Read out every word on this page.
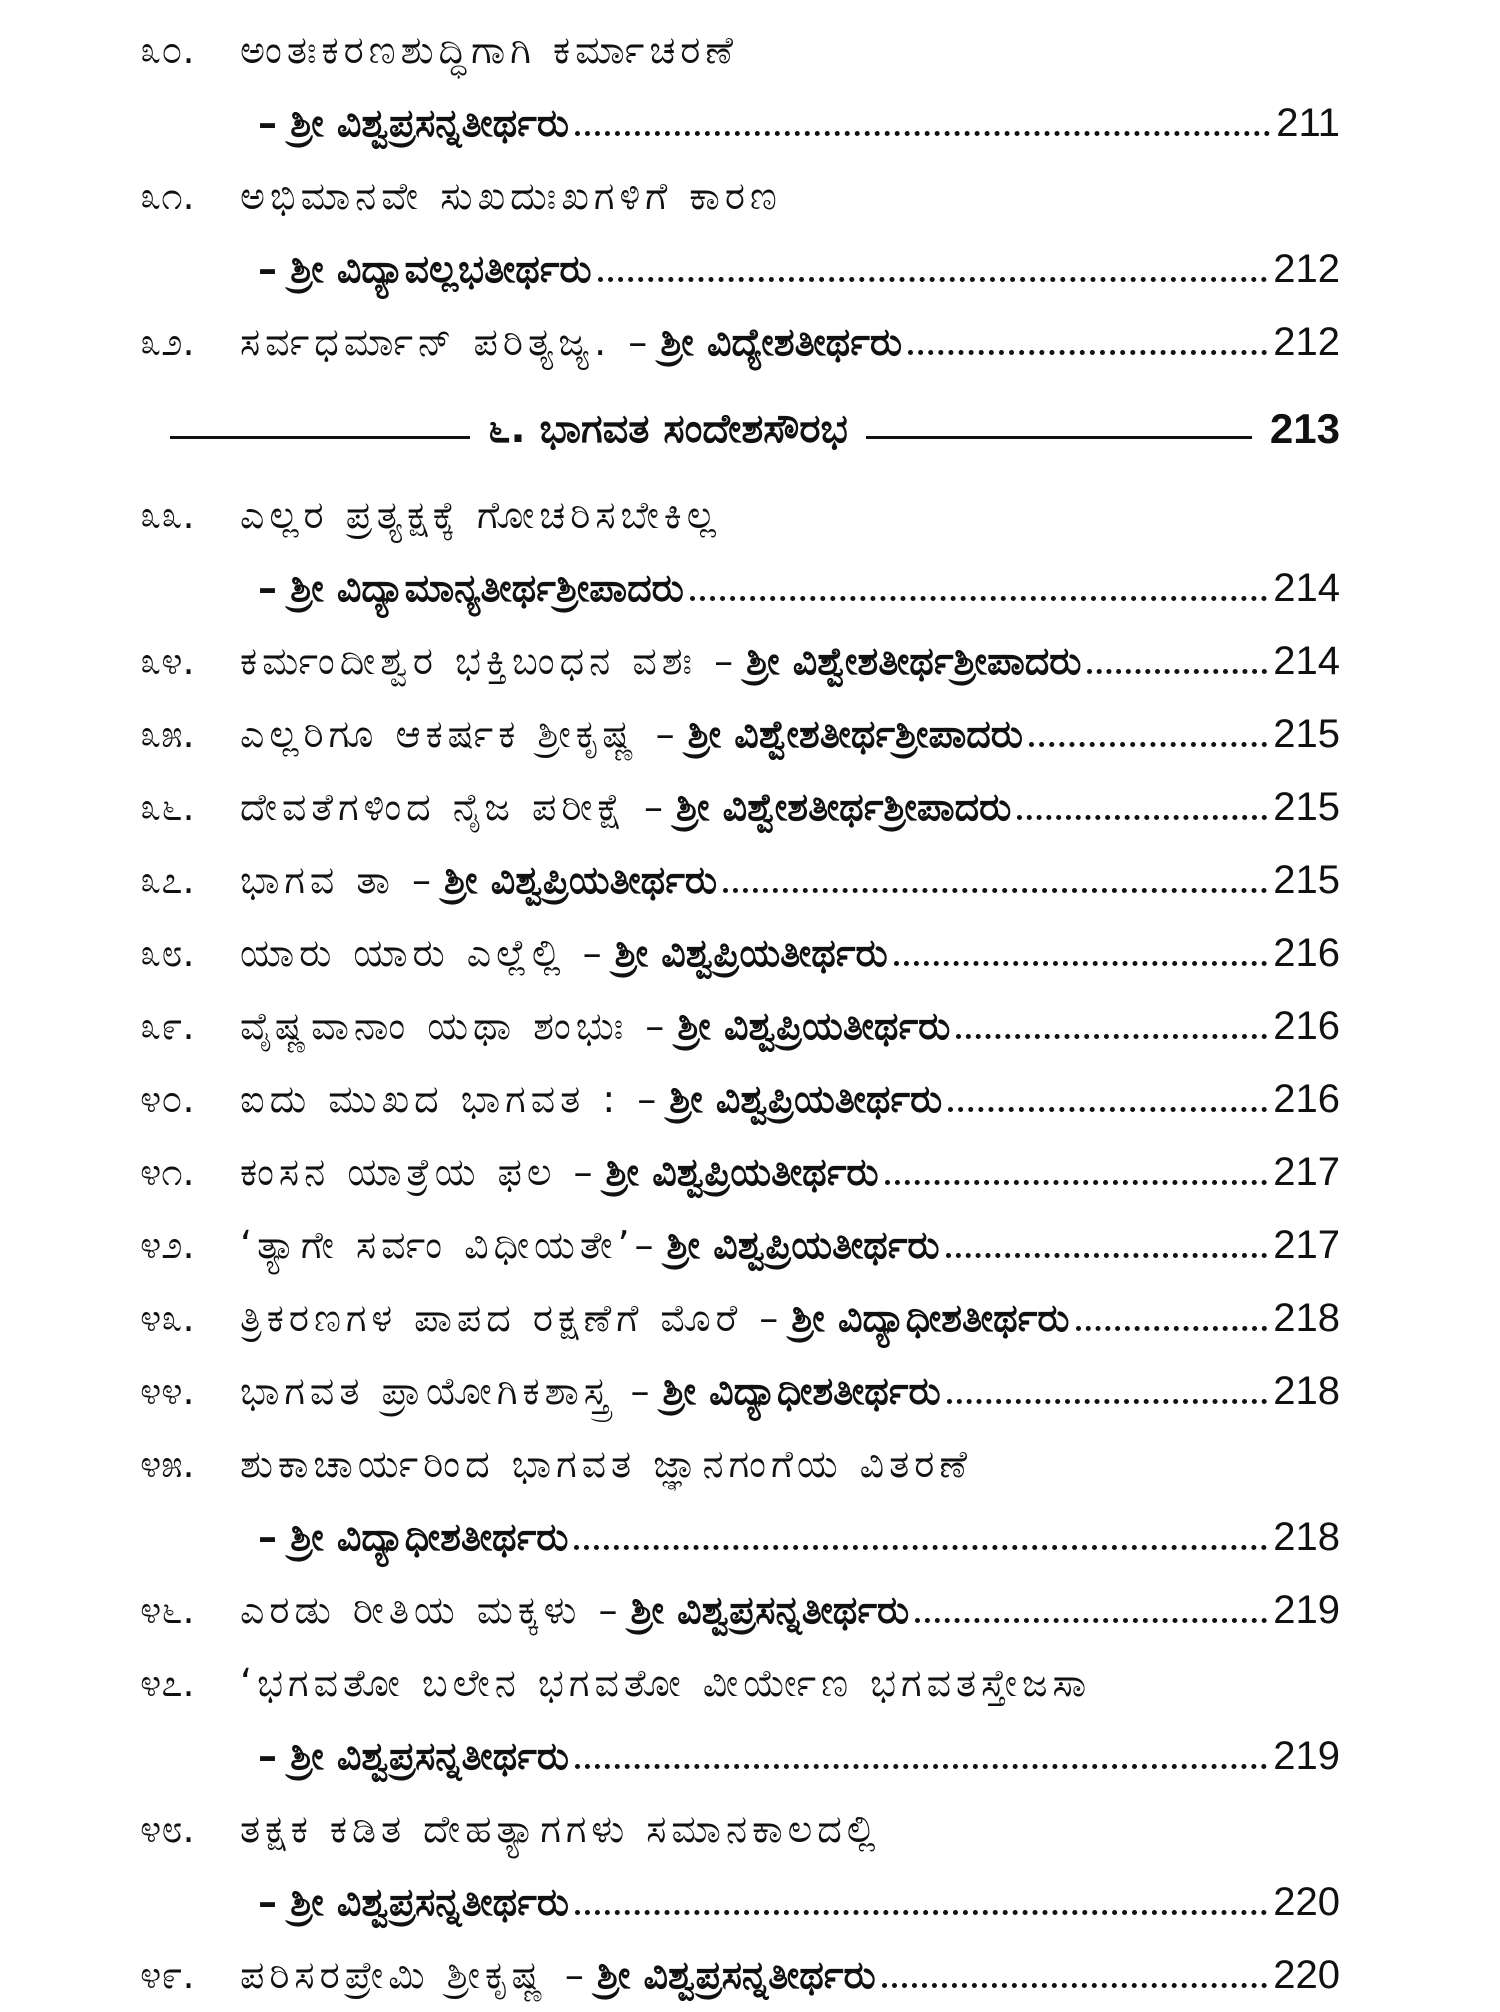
೩೦.	ಅಂತಃಕರಣಶುದ್ಧಿಗಾಗಿ ಕರ್ಮಾಚರಣೆ
– ಶ್ರೀ ವಿಶ್ವಪ್ರಸನ್ನತೀರ್ಥರು	211
೩೧.	ಅಭಿಮಾನವೇ ಸುಖದುಃಖಗಳಿಗೆ ಕಾರಣ
– ಶ್ರೀ ವಿದ್ಯಾವಲ್ಲಭತೀರ್ಥರು	212
೩೨.	ಸರ್ವಧರ್ಮಾನ್ ಪರಿತ್ಯಜ್ಯ. – ಶ್ರೀ ವಿದ್ಯೇಶತೀರ್ಥರು	212
೬. ಭಾಗವತ ಸಂದೇಶಸೌರಭ	213
೩೩.	ಎಲ್ಲರ ಪ್ರತ್ಯಕ್ಷಕ್ಕೆ ಗೋಚರಿಸಬೇಕಿಲ್ಲ
– ಶ್ರೀ ವಿದ್ಯಾಮಾನ್ಯತೀರ್ಥಶ್ರೀಪಾದರು	214
೩೪.	ಕರ್ಮಂದೀಶ್ವರ ಭಕ್ತಿಬಂಧನ ವಶಃ – ಶ್ರೀ ವಿಶ್ವೇಶತೀರ್ಥಶ್ರೀಪಾದರು	214
೩೫.	ಎಲ್ಲರಿಗೂ ಆಕರ್ಷಕ ಶ್ರೀಕೃಷ್ಣ – ಶ್ರೀ ವಿಶ್ವೇಶತೀರ್ಥಶ್ರೀಪಾದರು	215
೩೬.	ದೇವತೆಗಳಿಂದ ನೈಜ ಪರೀಕ್ಷೆ – ಶ್ರೀ ವಿಶ್ವೇಶತೀರ್ಥಶ್ರೀಪಾದರು	215
೩೭.	ಭಾಗವ ತಾ – ಶ್ರೀ ವಿಶ್ವಪ್ರಿಯತೀರ್ಥರು	215
೩೮.	ಯಾರು ಯಾರು ಎಲ್ಲೆಲ್ಲಿ – ಶ್ರೀ ವಿಶ್ವಪ್ರಿಯತೀರ್ಥರು	216
೩೯.	ವೈಷ್ಣವಾನಾಂ ಯಥಾ ಶಂಭುಃ – ಶ್ರೀ ವಿಶ್ವಪ್ರಿಯತೀರ್ಥರು	216
೪೦.	ಐದು ಮುಖದ ಭಾಗವತ : – ಶ್ರೀ ವಿಶ್ವಪ್ರಿಯತೀರ್ಥರು	216
೪೧.	ಕಂಸನ ಯಾತ್ರೆಯ ಫಲ – ಶ್ರೀ ವಿಶ್ವಪ್ರಿಯತೀರ್ಥರು	217
೪೨.	‘ತ್ಯಾಗೇ ಸರ್ವಂ ವಿಧೀಯತೇ’– ಶ್ರೀ ವಿಶ್ವಪ್ರಿಯತೀರ್ಥರು	217
೪೩.	ತ್ರಿಕರಣಗಳ ಪಾಪದ ರಕ್ಷಣೆಗೆ ಮೊರೆ – ಶ್ರೀ ವಿದ್ಯಾಧೀಶತೀರ್ಥರು	218
೪೪.	ಭಾಗವತ ಪ್ರಾಯೋಗಿಕಶಾಸ್ತ್ರ – ಶ್ರೀ ವಿದ್ಯಾಧೀಶತೀರ್ಥರು	218
೪೫.	ಶುಕಾಚಾರ್ಯರಿಂದ ಭಾಗವತ ಜ್ಞಾನಗಂಗೆಯ ವಿತರಣೆ
– ಶ್ರೀ ವಿದ್ಯಾಧೀಶತೀರ್ಥರು	218
೪೬.	ಎರಡು ರೀತಿಯ ಮಕ್ಕಳು – ಶ್ರೀ ವಿಶ್ವಪ್ರಸನ್ನತೀರ್ಥರು	219
೪೭.	‘ಭಗವತೋ ಬಲೇನ ಭಗವತೋ ವೀರ್ಯೇಣ ಭಗವತಸ್ತೇಜಸಾ
– ಶ್ರೀ ವಿಶ್ವಪ್ರಸನ್ನತೀರ್ಥರು	219
೪೮.	ತಕ್ಷಕ ಕಡಿತ ದೇಹತ್ಯಾಗಗಳು ಸಮಾನಕಾಲದಲ್ಲಿ
– ಶ್ರೀ ವಿಶ್ವಪ್ರಸನ್ನತೀರ್ಥರು	220
೪೯.	ಪರಿಸರಪ್ರೇಮಿ ಶ್ರೀಕೃಷ್ಣ – ಶ್ರೀ ವಿಶ್ವಪ್ರಸನ್ನತೀರ್ಥರು	220
